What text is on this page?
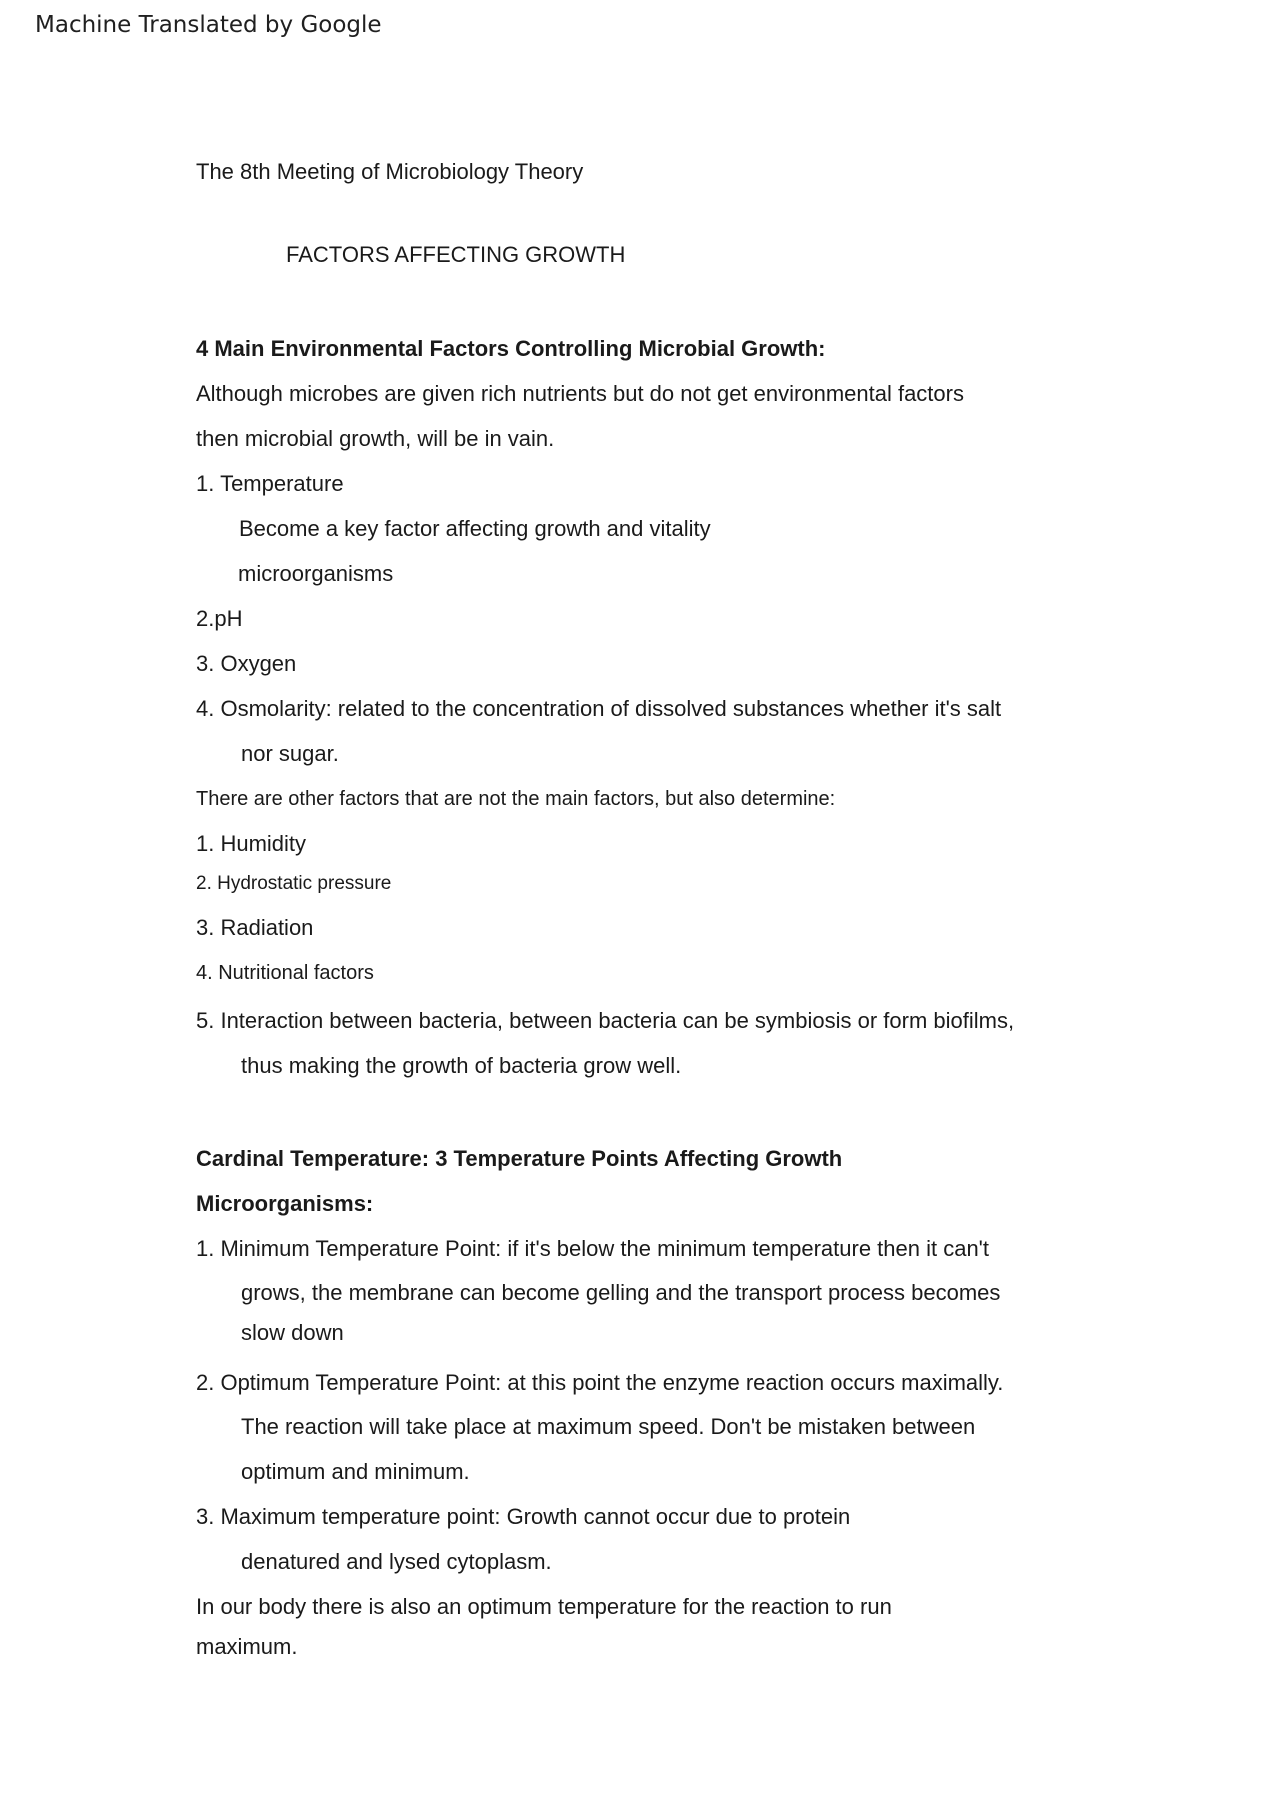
Machine Translated by Google
The 8th Meeting of Microbiology Theory
FACTORS AFFECTING GROWTH
4 Main Environmental Factors Controlling Microbial Growth:
Although microbes are given rich nutrients but do not get environmental factors
then microbial growth, will be in vain.
1. Temperature
Become a key factor affecting growth and vitality
microorganisms
2.pH
3. Oxygen
4. Osmolarity: related to the concentration of dissolved substances whether it's salt
nor sugar.
There are other factors that are not the main factors, but also determine:
1. Humidity
2. Hydrostatic pressure
3. Radiation
4. Nutritional factors
5. Interaction between bacteria, between bacteria can be symbiosis or form biofilms,
thus making the growth of bacteria grow well.
Cardinal Temperature: 3 Temperature Points Affecting Growth
Microorganisms:
1. Minimum Temperature Point: if it's below the minimum temperature then it can't
grows, the membrane can become gelling and the transport process becomes
slow down
2. Optimum Temperature Point: at this point the enzyme reaction occurs maximally.
The reaction will take place at maximum speed. Don't be mistaken between
optimum and minimum.
3. Maximum temperature point: Growth cannot occur due to protein
denatured and lysed cytoplasm.
In our body there is also an optimum temperature for the reaction to run
maximum.
